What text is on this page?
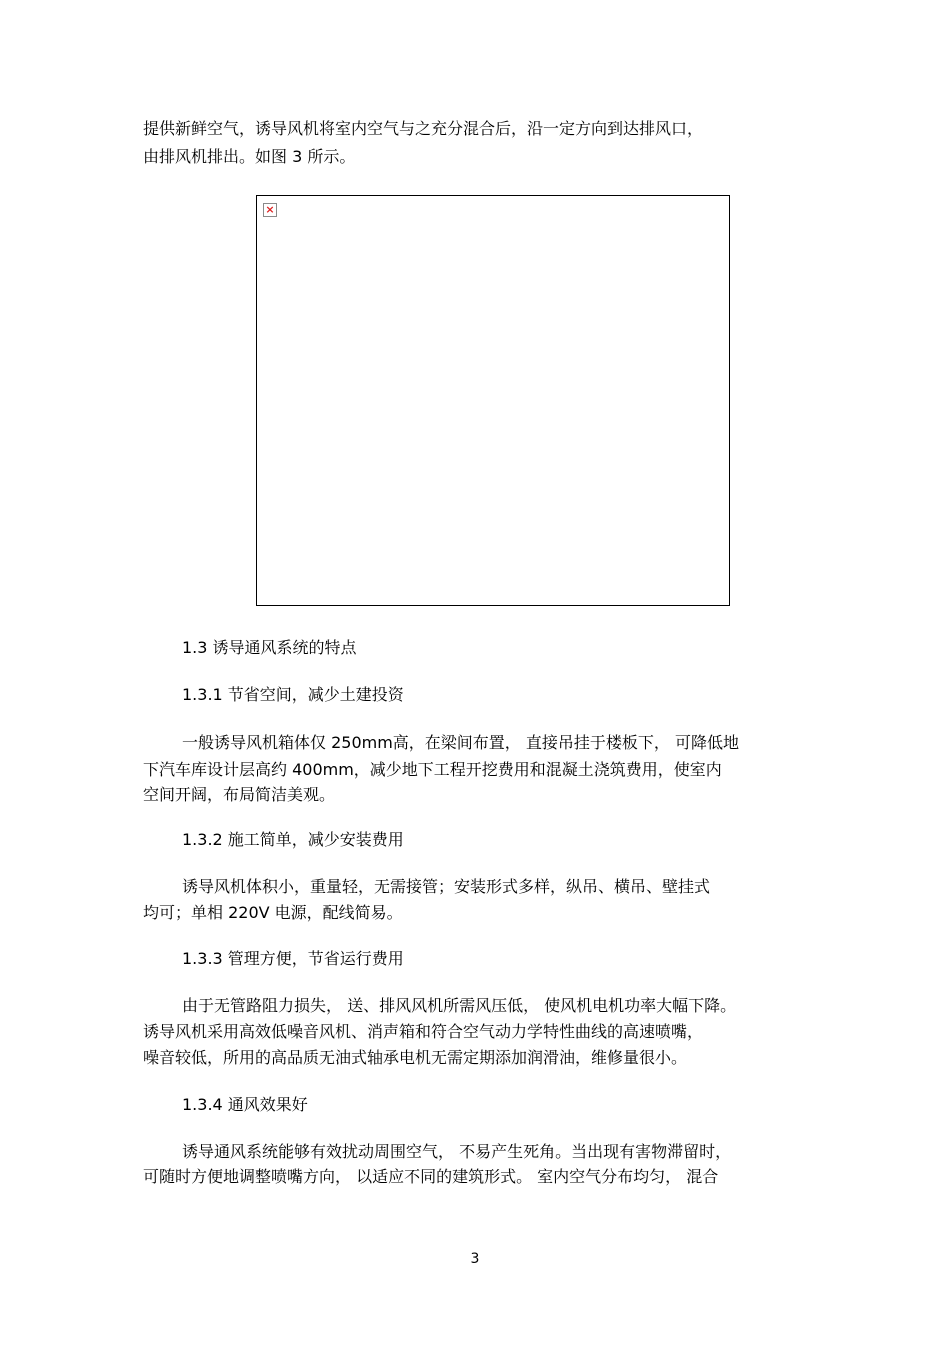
提供新鲜空气，诱导风机将室内空气与之充分混合后，沿一定方向到达排风口，
由排风机排出。如图 3 所示。
×
1.3 诱导通风系统的特点
1.3.1 节省空间，减少土建投资
一般诱导风机箱体仅 250mm高，在梁间布置， 直接吊挂于楼板下， 可降低地
下汽车库设计层高约 400mm，减少地下工程开挖费用和混凝土浇筑费用，使室内
空间开阔，布局简洁美观。
1.3.2 施工简单，减少安装费用
诱导风机体积小，重量轻，无需接管；安装形式多样，纵吊、横吊、壁挂式
均可；单相 220V 电源，配线简易。
1.3.3 管理方便，节省运行费用
由于无管路阻力损失， 送、排风风机所需风压低， 使风机电机功率大幅下降。
诱导风机采用高效低噪音风机、消声箱和符合空气动力学特性曲线的高速喷嘴，
噪音较低，所用的高品质无油式轴承电机无需定期添加润滑油，维修量很小。
1.3.4 通风效果好
诱导通风系统能够有效扰动周围空气， 不易产生死角。当出现有害物滞留时，
可随时方便地调整喷嘴方向， 以适应不同的建筑形式。 室内空气分布均匀， 混合
3
